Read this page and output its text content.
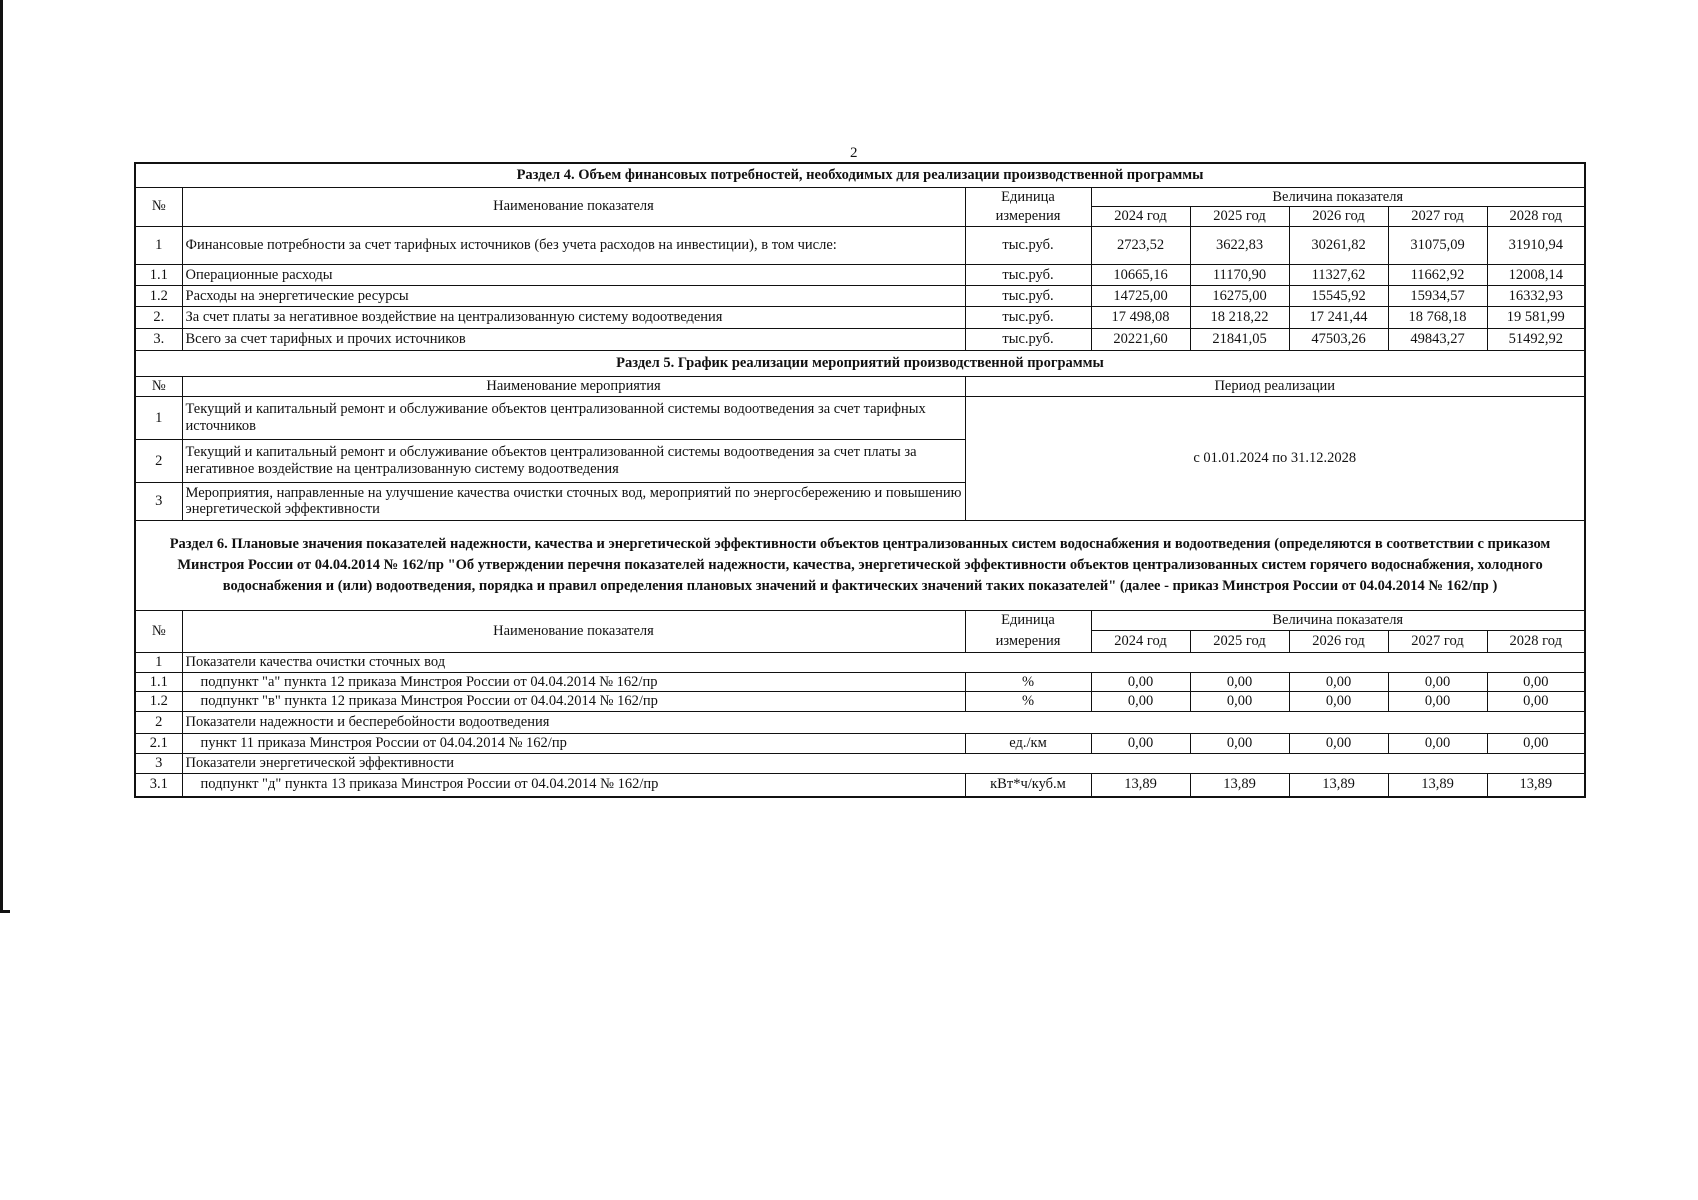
2
Раздел 4. Объем финансовых потребностей, необходимых для реализации производственной программы							
№	Наименование показателя	Единица	Величина показателя				
		измерения	2024 год	2025 год	2026 год	2027 год	2028 год
1	Финансовые потребности за счет тарифных источников (без учета расходов на инвестиции), в том числе:	тыс.руб.	2723,52	3622,83	30261,82	31075,09	31910,94
1.1	Операционные расходы	тыс.руб.	10665,16	11170,90	11327,62	11662,92	12008,14
1.2	Расходы на энергетические ресурсы	тыс.руб.	14725,00	16275,00	15545,92	15934,57	16332,93
2.	За счет платы за негативное воздействие на централизованную систему водоотведения	тыс.руб.	17 498,08	18 218,22	17 241,44	18 768,18	19 581,99
3.	Всего за счет тарифных и прочих источников	тыс.руб.	20221,60	21841,05	47503,26	49843,27	51492,92
Раздел 5. График реализации мероприятий производственной программы							
№	Наименование мероприятия	Период реализации					
1	Текущий и капитальный ремонт и обслуживание объектов централизованной системы водоотведения за счет тарифных источников	с 01.01.2024 по 31.12.2028					
2	Текущий и капитальный ремонт и обслуживание объектов централизованной системы водоотведения за счет платы за негативное воздействие на централизованную систему водоотведения						
3	Мероприятия, направленные на улучшение качества очистки сточных вод, мероприятий по энергосбережению и повышению энергетической эффективности						
Раздел 6. Плановые значения показателей надежности, качества и энергетической эффективности объектов централизованных систем водоснабжения и водоотведения (определяются в соответствии с приказом Минстроя России от 04.04.2014 № 162/пр "Об утверждении перечня показателей надежности, качества, энергетической эффективности объектов централизованных систем горячего водоснабжения, холодного водоснабжения и (или) водоотведения, порядка и правил определения плановых значений и фактических значений таких показателей" (далее - приказ Минстроя России от 04.04.2014 № 162/пр )							
№	Наименование показателя	Единица	Величина показателя				
		измерения	2024 год	2025 год	2026 год	2027 год	2028 год
1	Показатели качества очистки сточных вод						
1.1	подпункт "а" пункта 12 приказа Минстроя России от 04.04.2014 № 162/пр	%	0,00	0,00	0,00	0,00	0,00
1.2	подпункт "в" пункта 12 приказа Минстроя России от 04.04.2014 № 162/пр	%	0,00	0,00	0,00	0,00	0,00
2	Показатели надежности и бесперебойности водоотведения						
2.1	пункт 11 приказа Минстроя России от 04.04.2014 № 162/пр	ед./км	0,00	0,00	0,00	0,00	0,00
3	Показатели энергетической эффективности						
3.1	подпункт "д" пункта 13 приказа Минстроя России от 04.04.2014 № 162/пр	кВт*ч/куб.м	13,89	13,89	13,89	13,89	13,89
